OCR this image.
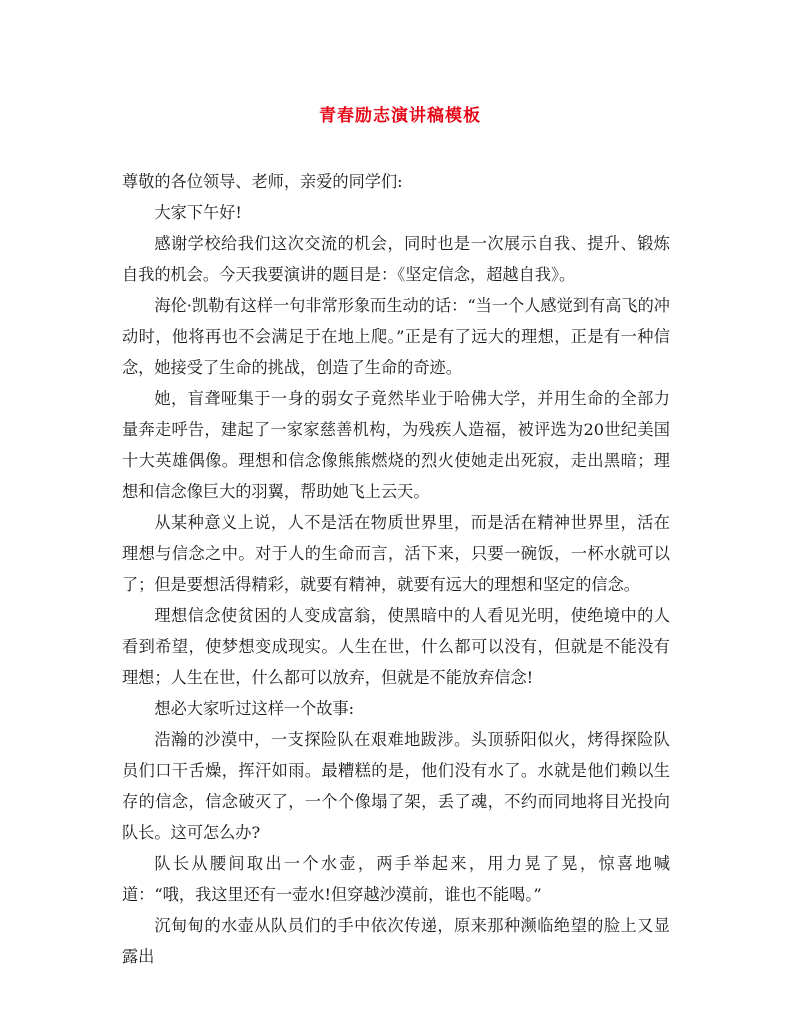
青春励志演讲稿模板

尊敬的各位领导、老师，亲爱的同学们:

大家下午好!

感谢学校给我们这次交流的机会，同时也是一次展示自我、提升、锻炼自我的机会。今天我要演讲的题目是：《坚定信念，超越自我》。

海伦·凯勒有这样一句非常形象而生动的话：“当一个人感觉到有高飞的冲动时，他将再也不会满足于在地上爬。”正是有了远大的理想，正是有一种信念，她接受了生命的挑战，创造了生命的奇迹。

她，盲聋哑集于一身的弱女子竟然毕业于哈佛大学，并用生命的全部力量奔走呼告，建起了一家家慈善机构，为残疾人造福，被评选为20世纪美国十大英雄偶像。理想和信念像熊熊燃烧的烈火使她走出死寂，走出黑暗；理想和信念像巨大的羽翼，帮助她飞上云天。

从某种意义上说，人不是活在物质世界里，而是活在精神世界里，活在理想与信念之中。对于人的生命而言，活下来，只要一碗饭，一杯水就可以了；但是要想活得精彩，就要有精神，就要有远大的理想和坚定的信念。

理想信念使贫困的人变成富翁，使黑暗中的人看见光明，使绝境中的人看到希望，使梦想变成现实。人生在世，什么都可以没有，但就是不能没有理想；人生在世，什么都可以放弃，但就是不能放弃信念!

想必大家听过这样一个故事:

浩瀚的沙漠中，一支探险队在艰难地跋涉。头顶骄阳似火，烤得探险队员们口干舌燥，挥汗如雨。最糟糕的是，他们没有水了。水就是他们赖以生存的信念，信念破灭了，一个个像塌了架，丢了魂，不约而同地将目光投向队长。这可怎么办?

队长从腰间取出一个水壶，两手举起来，用力晃了晃，惊喜地喊道：“哦，我这里还有一壶水!但穿越沙漠前，谁也不能喝。”

沉甸甸的水壶从队员们的手中依次传递，原来那种濒临绝望的脸上又显露出
